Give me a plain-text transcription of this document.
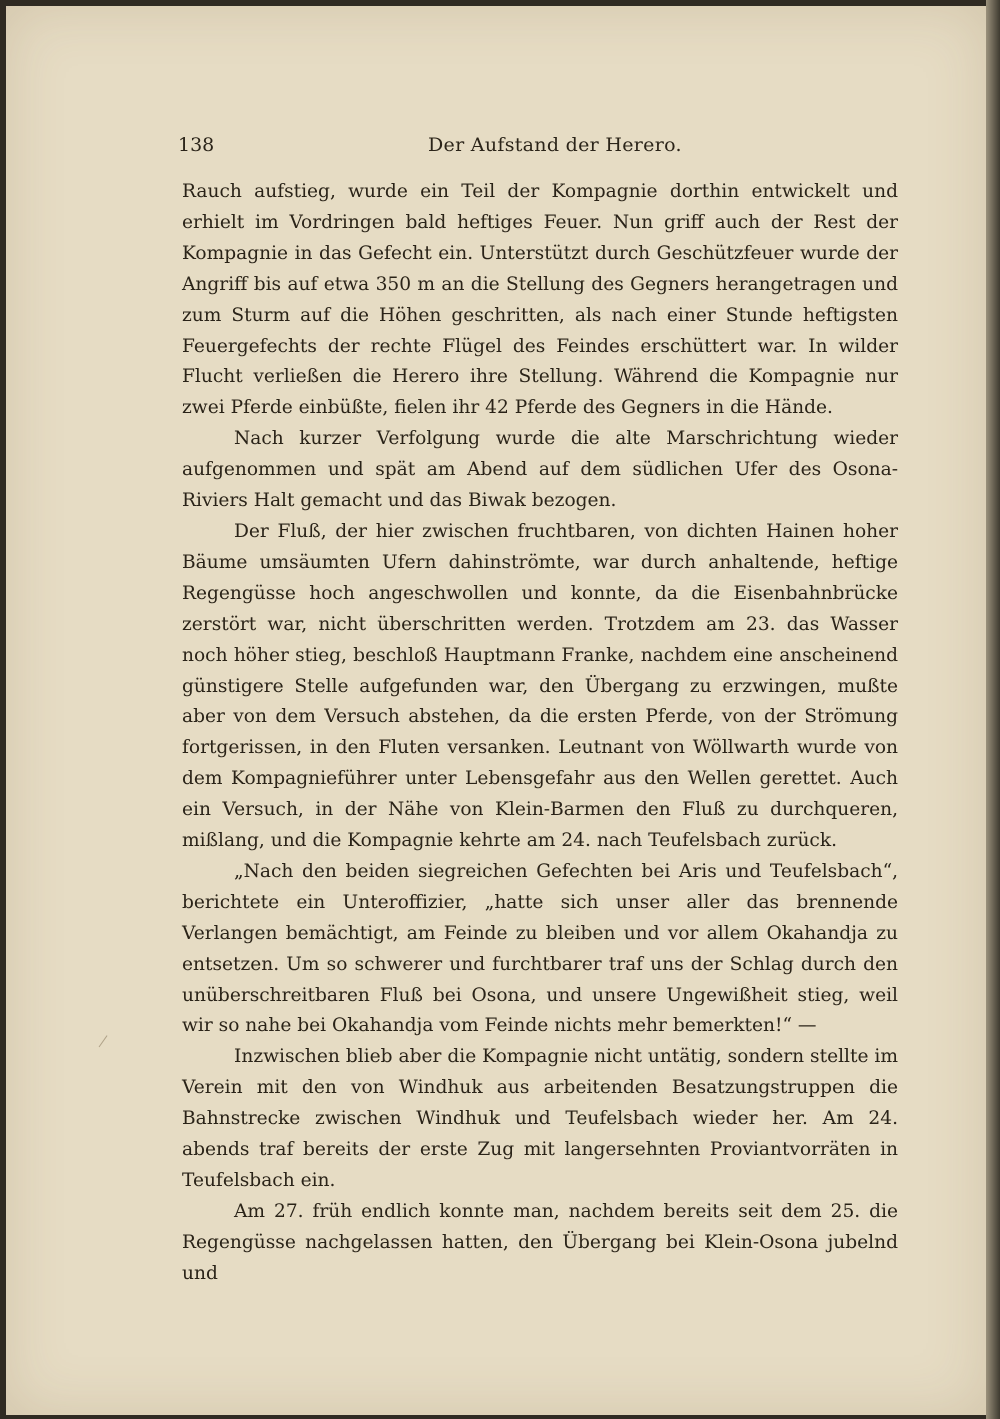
138	Der Aufstand der Herero.

Rauch aufstieg, wurde ein Teil der Kompagnie dorthin entwickelt und erhielt im Vordringen bald heftiges Feuer. Nun griff auch der Rest der Kompagnie in das Gefecht ein. Unterstützt durch Geschützfeuer wurde der Angriff bis auf etwa 350 m an die Stellung des Gegners herangetragen und zum Sturm auf die Höhen geschritten, als nach einer Stunde heftigsten Feuergefechts der rechte Flügel des Feindes erschüttert war. In wilder Flucht verließen die Herero ihre Stellung. Während die Kompagnie nur zwei Pferde einbüßte, fielen ihr 42 Pferde des Gegners in die Hände.

Nach kurzer Verfolgung wurde die alte Marschrichtung wieder aufgenommen und spät am Abend auf dem südlichen Ufer des Osona-Riviers Halt gemacht und das Biwak bezogen.

Der Fluß, der hier zwischen fruchtbaren, von dichten Hainen hoher Bäume umsäumten Ufern dahinströmte, war durch anhaltende, heftige Regengüsse hoch angeschwollen und konnte, da die Eisenbahnbrücke zerstört war, nicht überschritten werden. Trotzdem am 23. das Wasser noch höher stieg, beschloß Hauptmann Franke, nachdem eine anscheinend günstigere Stelle aufgefunden war, den Übergang zu erzwingen, mußte aber von dem Versuch abstehen, da die ersten Pferde, von der Strömung fortgerissen, in den Fluten versanken. Leutnant von Wöllwarth wurde von dem Kompagnieführer unter Lebensgefahr aus den Wellen gerettet. Auch ein Versuch, in der Nähe von Klein-Barmen den Fluß zu durchqueren, mißlang, und die Kompagnie kehrte am 24. nach Teufelsbach zurück.

„Nach den beiden siegreichen Gefechten bei Aris und Teufelsbach“, berichtete ein Unteroffizier, „hatte sich unser aller das brennende Verlangen bemächtigt, am Feinde zu bleiben und vor allem Okahandja zu entsetzen. Um so schwerer und furchtbarer traf uns der Schlag durch den unüberschreitbaren Fluß bei Osona, und unsere Ungewißheit stieg, weil wir so nahe bei Okahandja vom Feinde nichts mehr bemerkten!“ —

Inzwischen blieb aber die Kompagnie nicht untätig, sondern stellte im Verein mit den von Windhuk aus arbeitenden Besatzungstruppen die Bahnstrecke zwischen Windhuk und Teufelsbach wieder her. Am 24. abends traf bereits der erste Zug mit langersehnten Proviantvorräten in Teufelsbach ein.

Am 27. früh endlich konnte man, nachdem bereits seit dem 25. die Regengüsse nachgelassen hatten, den Übergang bei Klein-Osona jubelnd und
